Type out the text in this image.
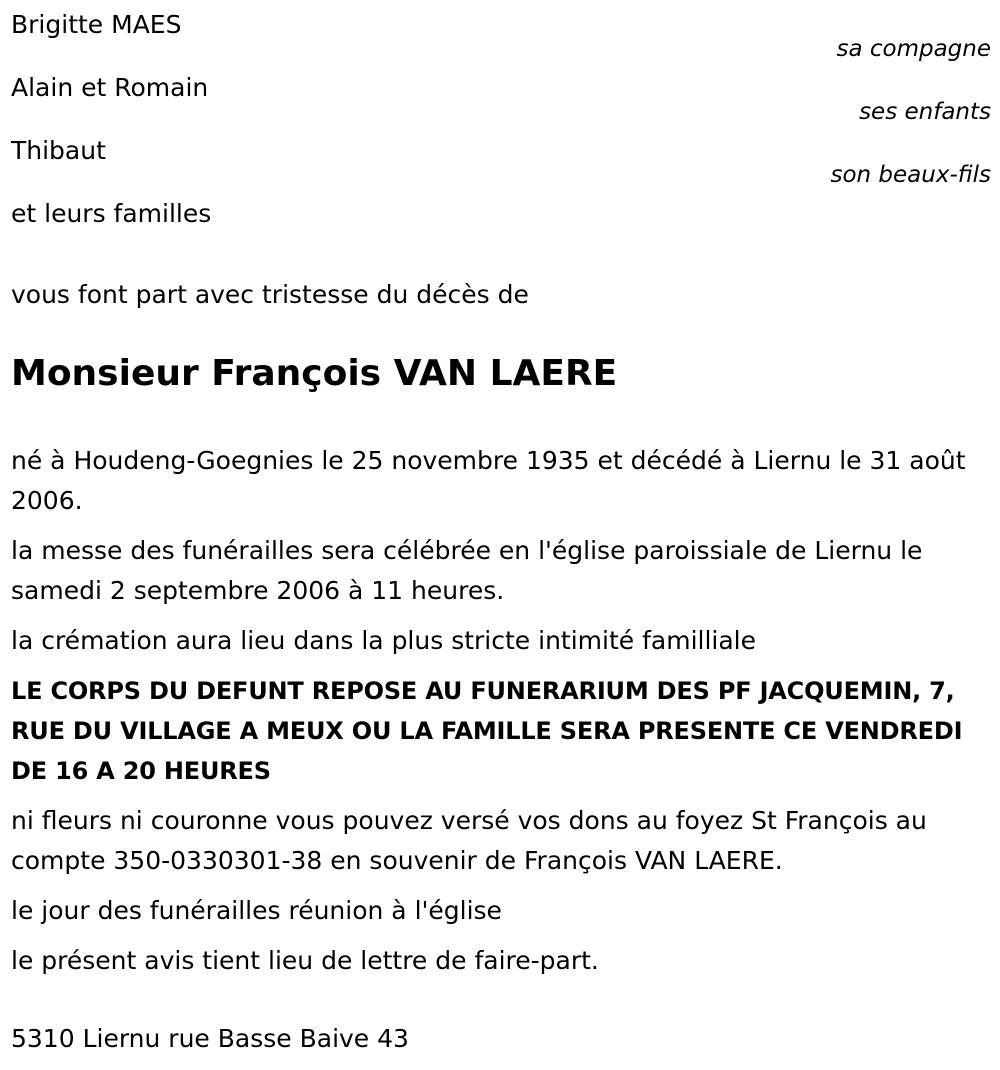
Brigitte MAES
sa compagne
Alain et Romain
ses enfants
Thibaut
son beaux-fils
et leurs familles
vous font part avec tristesse du décès de
Monsieur François VAN LAERE

né à Houdeng-Goegnies le 25 novembre 1935 et décédé à Liernu le 31 août 2006.

la messe des funérailles sera célébrée en l'église paroissiale de Liernu le samedi 2 septembre 2006 à 11 heures.

la crémation aura lieu dans la plus stricte intimité familliale

LE CORPS DU DEFUNT REPOSE AU FUNERARIUM DES PF JACQUEMIN, 7, RUE DU VILLAGE A MEUX OU LA FAMILLE SERA PRESENTE CE VENDREDI DE 16 A 20 HEURES

ni fleurs ni couronne vous pouvez versé vos dons au foyez St François au compte 350-0330301-38 en souvenir de François VAN LAERE.

le jour des funérailles réunion à l'église

le présent avis tient lieu de lettre de faire-part.

5310 Liernu rue Basse Baive 43
